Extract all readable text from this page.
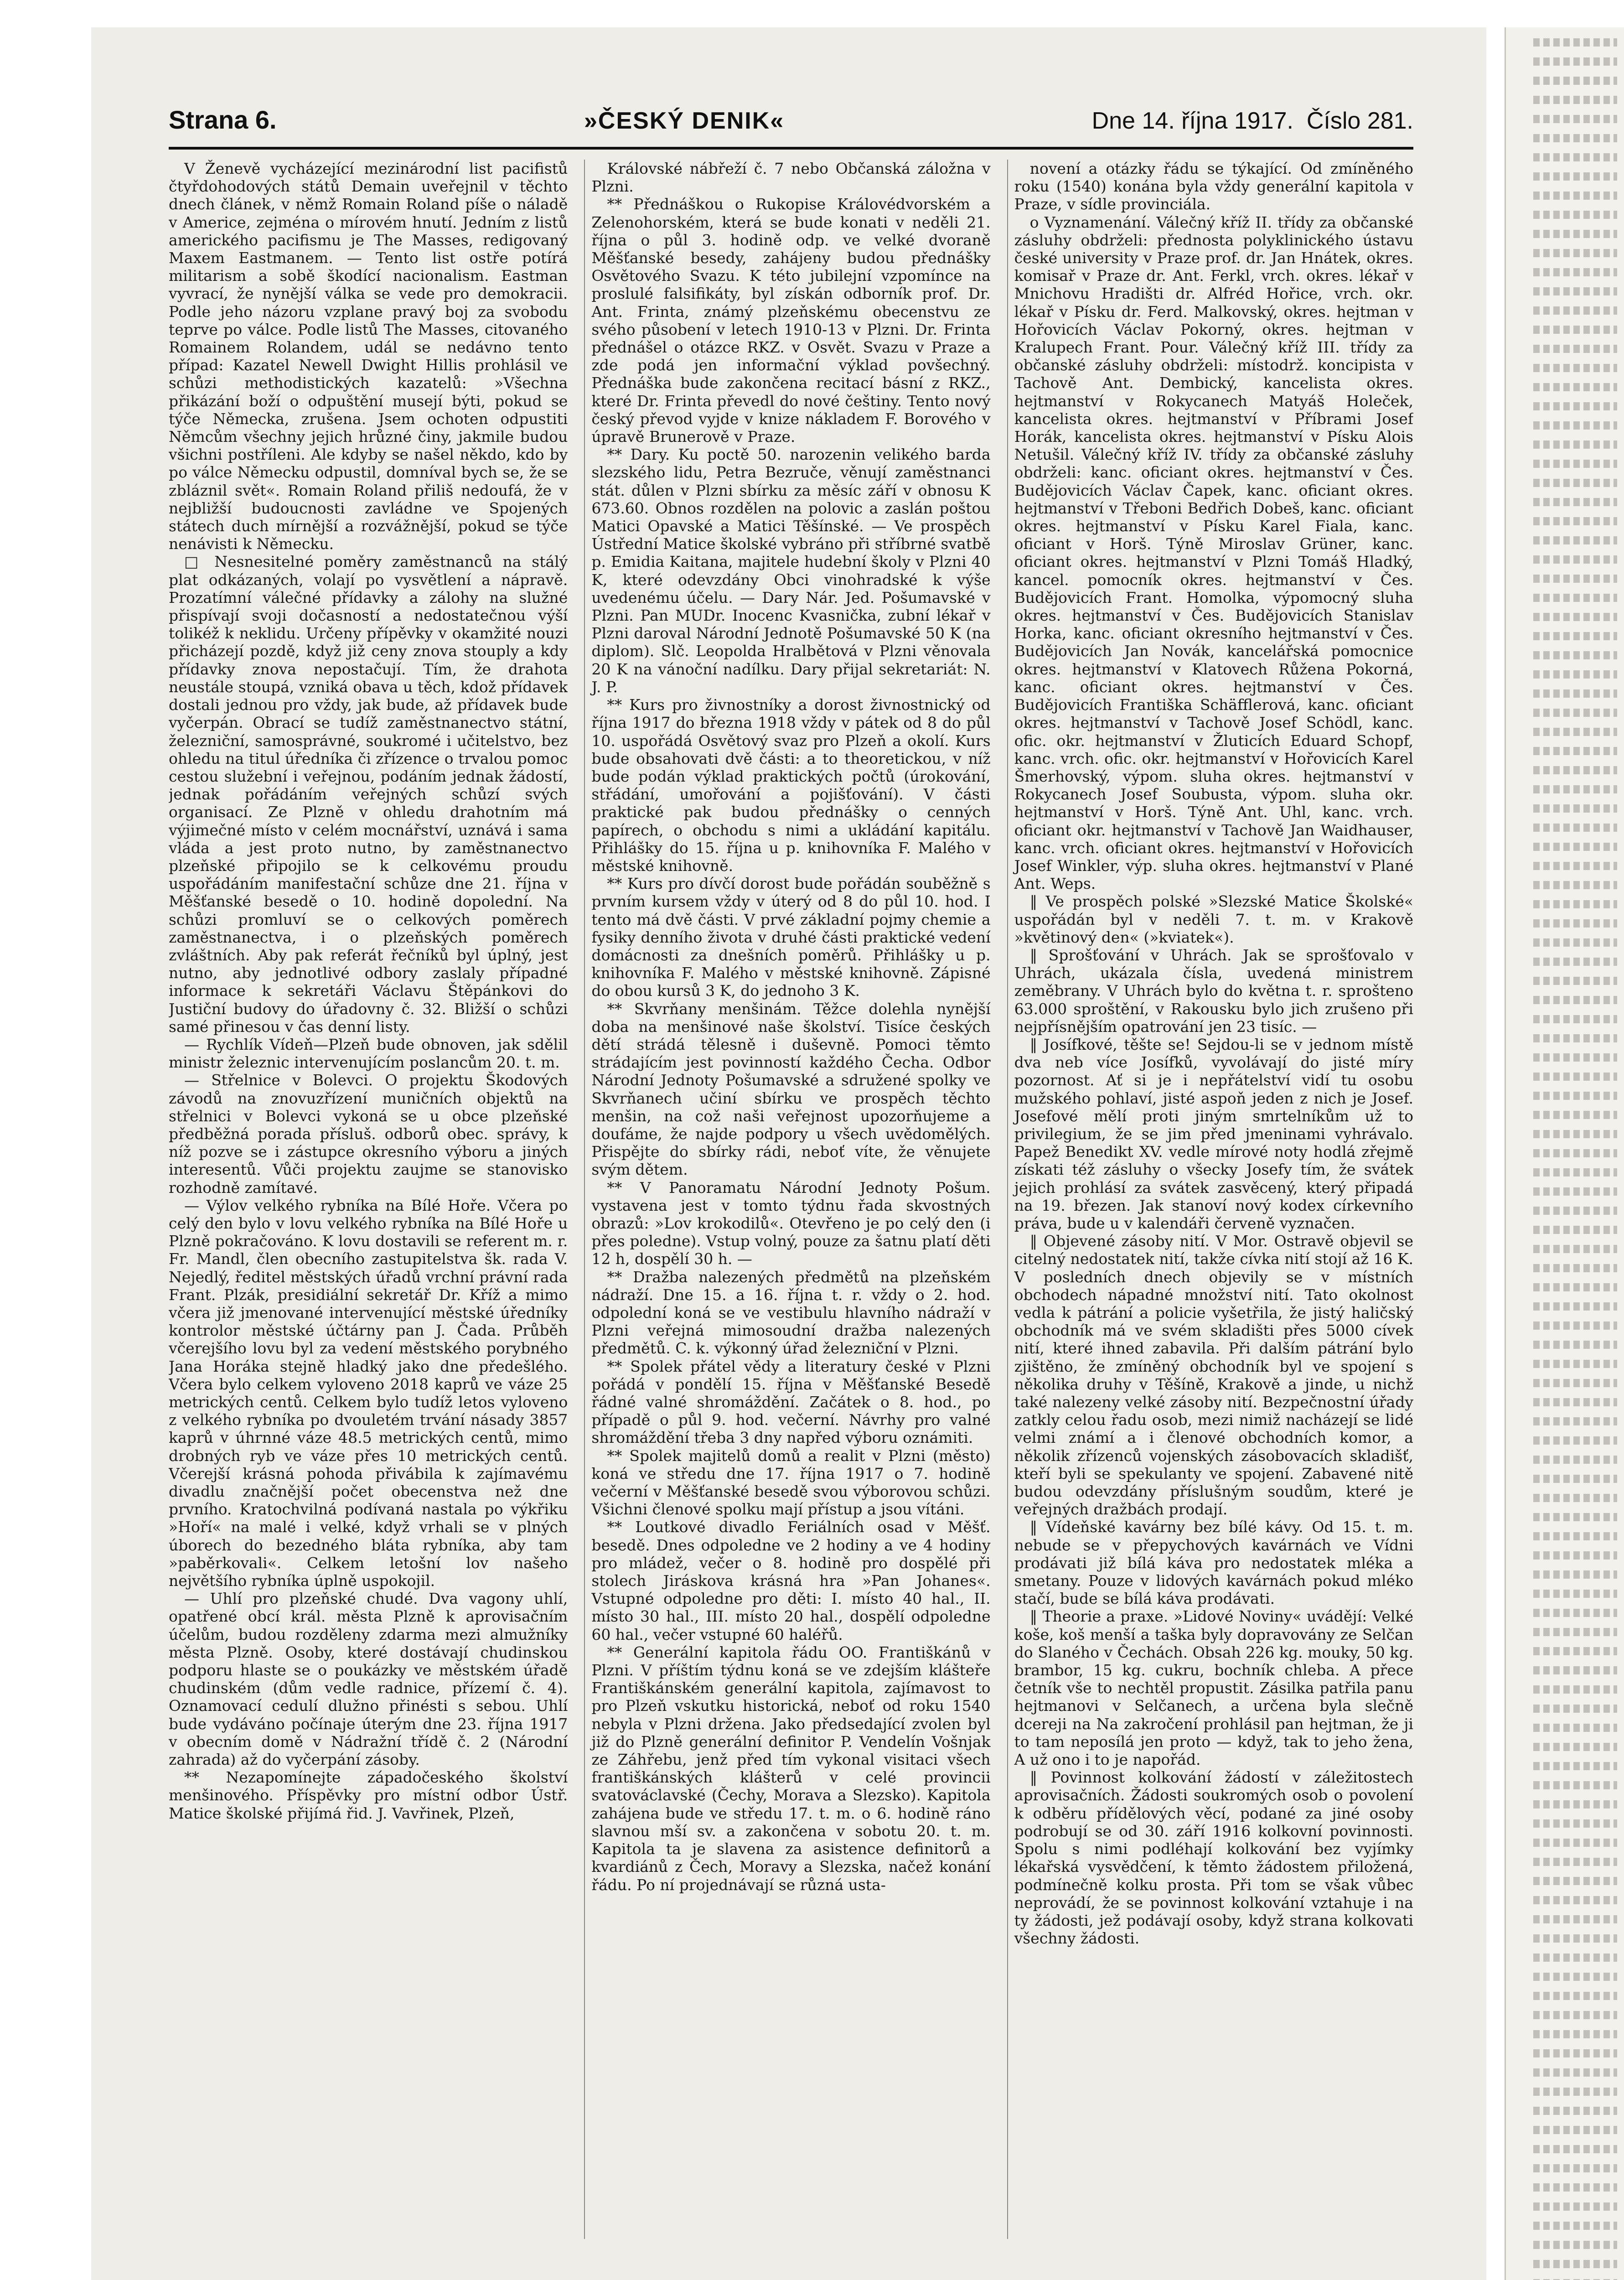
Strana 6.	»ČESKÝ DENIK«	Dne 14. října 1917. Číslo 281.

V Ženevě vycházející mezinárodní list pacifistů čtyřdohodových států Demain uveřejnil v těchto dnech článek, v němž Romain Roland píše o náladě v Americe, zejména o mírovém hnutí. Jedním z listů amerického pacifismu je The Masses, redigovaný Maxem Eastmanem. — Tento list ostře potírá militarism a sobě škodící nacionalism. Eastman vyvrací, že nynější válka se vede pro demokracii. Podle jeho názoru vzplane pravý boj za svobodu teprve po válce. Podle listů The Masses, citovaného Romainem Rolandem, udál se nedávno tento případ: Kazatel Newell Dwight Hillis prohlásil ve schůzi methodistických kazatelů: »Všechna přikázání boží o odpuštění musejí býti, pokud se týče Německa, zrušena. Jsem ochoten odpustiti Němcům všechny jejich hrůzné činy, jakmile budou všichni postříleni. Ale kdyby se našel někdo, kdo by po válce Německu odpustil, domníval bych se, že se zbláznil svět«. Romain Roland přiliš nedoufá, že v nejbližší budoucnosti zavládne ve Spojených státech duch mírnější a rozvážnější, pokud se týče nenávisti k Německu.

□ Nesnesitelné poměry zaměstnanců na stálý plat odkázaných, volají po vysvětlení a nápravě. Prozatímní válečné přídavky a zálohy na služné přispívají svoji dočasností a nedostatečnou výší tolikéž k neklidu. Určeny přípěvky v okamžité nouzi přicházejí pozdě, když již ceny znova stouply a kdy přídavky znova nepostačují. Tím, že drahota neustále stoupá, vzniká obava u těch, kdož přídavek dostali jednou pro vždy, jak bude, až přídavek bude vyčerpán. Obrací se tudíž zaměstnanectvo státní, železniční, samosprávné, soukromé i učitelstvo, bez ohledu na titul úředníka či zřízence o trvalou pomoc cestou služební i veřejnou, podáním jednak žádostí, jednak pořádáním veřejných schůzí svých organisací. Ze Plzně v ohledu drahotním má výjimečné místo v celém mocnářství, uznává i sama vláda a jest proto nutno, by zaměstnanectvo plzeňské připojilo se k celkovému proudu uspořádáním manifestační schůze dne 21. října v Měšťanské besedě o 10. hodině dopolední. Na schůzi promluví se o celkových poměrech zaměstnanectva, i o plzeňských poměrech zvláštních. Aby pak referát řečníků byl úplný, jest nutno, aby jednotlivé odbory zaslaly případné informace k sekretáři Václavu Štěpánkovi do Justiční budovy do úřadovny č. 32. Bližší o schůzi samé přinesou v čas denní listy.

— Rychlík Vídeň—Plzeň bude obnoven, jak sdělil ministr železnic intervenujícím poslancům 20. t. m.

— Střelnice v Bolevci. O projektu Škodových závodů na znovuzřízení muničních objektů na střelnici v Bolevci vykoná se u obce plzeňské předběžná porada přísluš. odborů obec. správy, k níž pozve se i zástupce okresního výboru a jiných interesentů. Vůči projektu zaujme se stanovisko rozhodně zamítavé.

— Výlov velkého rybníka na Bílé Hoře. Včera po celý den bylo v lovu velkého rybníka na Bílé Hoře u Plzně pokračováno. K lovu dostavili se referent m. r. Fr. Mandl, člen obecního zastupitelstva šk. rada V. Nejedlý, ředitel městských úřadů vrchní právní rada Frant. Plzák, presidiální sekretář Dr. Kříž a mimo včera již jmenované intervenující městské úředníky kontrolor městské účtárny pan J. Čada. Průběh včerejšího lovu byl za vedení městského porybného Jana Horáka stejně hladký jako dne předešlého. Včera bylo celkem vyloveno 2018 kaprů ve váze 25 metrických centů. Celkem bylo tudíž letos vyloveno z velkého rybníka po dvouletém trvání násady 3857 kaprů v úhrnné váze 48.5 metrických centů, mimo drobných ryb ve váze přes 10 metrických centů. Včerejší krásná pohoda přivábila k zajímavému divadlu značnější počet obecenstva než dne prvního. Kratochvilná podívaná nastala po výkřiku »Hoří« na malé i velké, když vrhali se v plných úborech do bezedného bláta rybníka, aby tam »paběrkovali«. Celkem letošní lov našeho největšího rybníka úplně uspokojil.

— Uhlí pro plzeňské chudé. Dva vagony uhlí, opatřené obcí král. města Plzně k aprovisačním účelům, budou rozděleny zdarma mezi almužníky města Plzně. Osoby, které dostávají chudinskou podporu hlaste se o poukázky ve městském úřadě chudinském (dům vedle radnice, přízemí č. 4). Oznamovací cedulí dlužno přinésti s sebou. Uhlí bude vydáváno počínaje úterým dne 23. října 1917 v obecním domě v Nádražní třídě č. 2 (Národní zahrada) až do vyčerpání zásoby.

** Nezapomínejte západočeského školství menšinového. Příspěvky pro místní odbor Ústř. Matice školské přijímá řid. J. Vavřinek, Plzeň,

Královské nábřeží č. 7 nebo Občanská záložna v Plzni.

** Přednáškou o Rukopise Královédvorském a Zelenohorském, která se bude konati v neděli 21. října o půl 3. hodině odp. ve velké dvoraně Měšťanské besedy, zahájeny budou přednášky Osvětového Svazu. K této jubilejní vzpomínce na proslulé falsifikáty, byl získán odborník prof. Dr. Ant. Frinta, známý plzeňskému obecenstvu ze svého působení v letech 1910-13 v Plzni. Dr. Frinta přednášel o otázce RKZ. v Osvět. Svazu v Praze a zde podá jen informační výklad povšechný. Přednáška bude zakončena recitací básní z RKZ., které Dr. Frinta převedl do nové češtiny. Tento nový český převod vyjde v knize nákladem F. Borového v úpravě Brunerově v Praze.

** Dary. Ku poctě 50. narozenin velikého barda slezského lidu, Petra Bezruče, věnují zaměstnanci stát. důlen v Plzni sbírku za měsíc září v obnosu K 673.60. Obnos rozdělen na polovic a zaslán poštou Matici Opavské a Matici Těšínské. — Ve prospěch Ústřední Matice školské vybráno při stříbrné svatbě p. Emidia Kaitana, majitele hudební školy v Plzni 40 K, které odevzdány Obci vinohradské k výše uvedenému účelu. — Dary Nár. Jed. Pošumavské v Plzni. Pan MUDr. Inocenc Kvasnička, zubní lékař v Plzni daroval Národní Jednotě Pošumavské 50 K (na diplom). Slč. Leopolda Hralbětová v Plzni věnovala 20 K na vánoční nadílku. Dary přijal sekretariát: N. J. P.

** Kurs pro živnostníky a dorost živnostnický od října 1917 do března 1918 vždy v pátek od 8 do půl 10. uspořádá Osvětový svaz pro Plzeň a okolí. Kurs bude obsahovati dvě části: a to theoretickou, v níž bude podán výklad praktických počtů (úrokování, střádání, umořování a pojišťování). V části praktické pak budou přednášky o cenných papírech, o obchodu s nimi a ukládání kapitálu. Přihlášky do 15. října u p. knihovníka F. Malého v městské knihovně.

** Kurs pro dívčí dorost bude pořádán souběžně s prvním kursem vždy v úterý od 8 do půl 10. hod. I tento má dvě části. V prvé základní pojmy chemie a fysiky denního života v druhé části praktické vedení domácnosti za dnešních poměrů. Přihlášky u p. knihovníka F. Malého v městské knihovně. Zápisné do obou kursů 3 K, do jednoho 3 K.

** Skvrňany menšinám. Těžce dolehla nynější doba na menšinové naše školství. Tisíce českých dětí strádá tělesně i duševně. Pomoci těmto strádajícím jest povinností každého Čecha. Odbor Národní Jednoty Pošumavské a sdružené spolky ve Skvrňanech učiní sbírku ve prospěch těchto menšin, na což naši veřejnost upozorňujeme a doufáme, že najde podpory u všech uvědomělých. Přispějte do sbírky rádi, neboť víte, že věnujete svým dětem.

** V Panoramatu Národní Jednoty Pošum. vystavena jest v tomto týdnu řada skvostných obrazů: »Lov krokodilů«. Otevřeno je po celý den (i přes poledne). Vstup volný, pouze za šatnu platí děti 12 h, dospělí 30 h. —

** Dražba nalezených předmětů na plzeňském nádraží. Dne 15. a 16. října t. r. vždy o 2. hod. odpolední koná se ve vestibulu hlavního nádraží v Plzni veřejná mimosoudní dražba nalezených předmětů. C. k. výkonný úřad železniční v Plzni.

** Spolek přátel vědy a literatury české v Plzni pořádá v pondělí 15. října v Měšťanské Besedě řádné valné shromáždění. Začátek o 8. hod., po případě o půl 9. hod. večerní. Návrhy pro valné shromáždění třeba 3 dny napřed výboru oznámiti.

** Spolek majitelů domů a realit v Plzni (město) koná ve středu dne 17. října 1917 o 7. hodině večerní v Měšťanské besedě svou výborovou schůzi. Všichni členové spolku mají přístup a jsou vítáni.

** Loutkové divadlo Feriálních osad v Měšť. besedě. Dnes odpoledne ve 2 hodiny a ve 4 hodiny pro mládež, večer o 8. hodině pro dospělé při stolech Jiráskova krásná hra »Pan Johanes«. Vstupné odpoledne pro děti: I. místo 40 hal., II. místo 30 hal., III. místo 20 hal., dospělí odpoledne 60 hal., večer vstupné 60 haléřů.

** Generální kapitola řádu OO. Františkánů v Plzni. V příštím týdnu koná se ve zdejším klášteře Františkánském generální kapitola, zajímavost to pro Plzeň vskutku historická, neboť od roku 1540 nebyla v Plzni držena. Jako předsedající zvolen byl již do Plzně generální definitor P. Vendelín Vošnjak ze Záhřebu, jenž před tím vykonal visitaci všech františkánských klášterů v celé provincii svatováclavské (Čechy, Morava a Slezsko). Kapitola zahájena bude ve středu 17. t. m. o 6. hodině ráno slavnou mší sv. a zakončena v sobotu 20. t. m. Kapitola ta je slavena za asistence definitorů a kvardiánů z Čech, Moravy a Slezska, načež konání řádu. Po ní projednávají se různá usta-

novení a otázky řádu se týkající. Od zmíněného roku (1540) konána byla vždy generální kapitola v Praze, v sídle provinciála.

o Vyznamenání. Válečný kříž II. třídy za občanské zásluhy obdrželi: přednosta polyklinického ústavu české university v Praze prof. dr. Jan Hnátek, okres. komisař v Praze dr. Ant. Ferkl, vrch. okres. lékař v Mnichovu Hradišti dr. Alfréd Hořice, vrch. okr. lékař v Písku dr. Ferd. Malkovský, okres. hejtman v Hořovicích Václav Pokorný, okres. hejtman v Kralupech Frant. Pour. Válečný kříž III. třídy za občanské zásluhy obdrželi: místodrž. koncipista v Tachově Ant. Dembický, kancelista okres. hejtmanství v Rokycanech Matyáš Holeček, kancelista okres. hejtmanství v Příbrami Josef Horák, kancelista okres. hejtmanství v Písku Alois Netušil. Válečný kříž IV. třídy za občanské zásluhy obdrželi: kanc. oficiant okres. hejtmanství v Čes. Budějovicích Václav Čapek, kanc. oficiant okres. hejtmanství v Třeboni Bedřich Dobeš, kanc. oficiant okres. hejtmanství v Písku Karel Fiala, kanc. oficiant v Horš. Týně Miroslav Grüner, kanc. oficiant okres. hejtmanství v Plzni Tomáš Hladký, kancel. pomocník okres. hejtmanství v Čes. Budějovicích Frant. Homolka, výpomocný sluha okres. hejtmanství v Čes. Budějovicích Stanislav Horka, kanc. oficiant okresního hejtmanství v Čes. Budějovicích Jan Novák, kancelářská pomocnice okres. hejtmanství v Klatovech Růžena Pokorná, kanc. oficiant okres. hejtmanství v Čes. Budějovicích Františka Schäfflerová, kanc. oficiant okres. hejtmanství v Tachově Josef Schödl, kanc. ofic. okr. hejtmanství v Žluticích Eduard Schopf, kanc. vrch. ofic. okr. hejtmanství v Hořovicích Karel Šmerhovský, výpom. sluha okres. hejtmanství v Rokycanech Josef Soubusta, výpom. sluha okr. hejtmanství v Horš. Týně Ant. Uhl, kanc. vrch. oficiant okr. hejtmanství v Tachově Jan Waidhauser, kanc. vrch. oficiant okres. hejtmanství v Hořovicích Josef Winkler, výp. sluha okres. hejtmanství v Plané Ant. Weps.

‖ Ve prospěch polské »Slezské Matice Školské« uspořádán byl v neděli 7. t. m. v Krakově »květinový den« (»kviatek«).

‖ Sprošťování v Uhrách. Jak se sprošťovalo v Uhrách, ukázala čísla, uvedená ministrem zeměbrany. V Uhrách bylo do května t. r. sprošteno 63.000 sproštění, v Rakousku bylo jich zrušeno při nejpřísnějším opatrování jen 23 tisíc. —

‖ Josífkové, těšte se! Sejdou-li se v jednom místě dva neb více Josífků, vyvolávají do jisté míry pozornost. Ať si je i nepřátelství vidí tu osobu mužského pohlaví, jisté aspoň jeden z nich je Josef. Josefové mělí proti jiným smrtelníkům už to privilegium, že se jim před jmeninami vyhrávalo. Papež Benedikt XV. vedle mírové noty hodlá zřejmě získati též zásluhy o všecky Josefy tím, že svátek jejich prohlásí za svátek zasvěcený, který připadá na 19. březen. Jak stanoví nový kodex církevního práva, bude u v kalendáři červeně vyznačen.

‖ Objevené zásoby nití. V Mor. Ostravě objevil se citelný nedostatek nití, takže cívka nití stojí až 16 K. V posledních dnech objevily se v místních obchodech nápadné množství nití. Tato okolnost vedla k pátrání a policie vyšetřila, že jistý haličský obchodník má ve svém skladišti přes 5000 cívek nití, které ihned zabavila. Při dalším pátrání bylo zjištěno, že zmíněný obchodník byl ve spojení s několika druhy v Těšíně, Krakově a jinde, u nichž také nalezeny velké zásoby nití. Bezpečnostní úřady zatkly celou řadu osob, mezi nimiž nacházejí se lidé velmi známí a i členové obchodních komor, a několik zřízenců vojenských zásobovacích skladišť, kteří byli se spekulanty ve spojení. Zabavené nitě budou odevzdány příslušným soudům, které je veřejných dražbách prodají.

‖ Vídeňské kavárny bez bílé kávy. Od 15. t. m. nebude se v přepychových kavárnách ve Vídni prodávati již bílá káva pro nedostatek mléka a smetany. Pouze v lidových kavárnách pokud mléko stačí, bude se bílá káva prodávati.

‖ Theorie a praxe. »Lidové Noviny« uvádějí: Velké koše, koš menší a taška byly dopravovány ze Selčan do Slaného v Čechách. Obsah 226 kg. mouky, 50 kg. brambor, 15 kg. cukru, bochník chleba. A přece četník vše to nechtěl propustit. Zásilka patřila panu hejtmanovi v Selčanech, a určena byla slečně dcereji na Na zakročení prohlásil pan hejtman, že ji to tam neposílá jen proto — když, tak to jeho žena, A už ono i to je napořád.

‖ Povinnost kolkování žádostí v záležitostech aprovisačních. Žádosti soukromých osob o povolení k odběru přídělových věcí, podané za jiné osoby podrobují se od 30. září 1916 kolkovní povinnosti. Spolu s nimi podléhají kolkování bez vyjímky lékařská vysvědčení, k těmto žádostem přiložená, podmínečně kolku prosta. Při tom se však vůbec neprovádí, že se povinnost kolkování vztahuje i na ty žádosti, jež podávají osoby, když strana kolkovati všechny žádosti.
